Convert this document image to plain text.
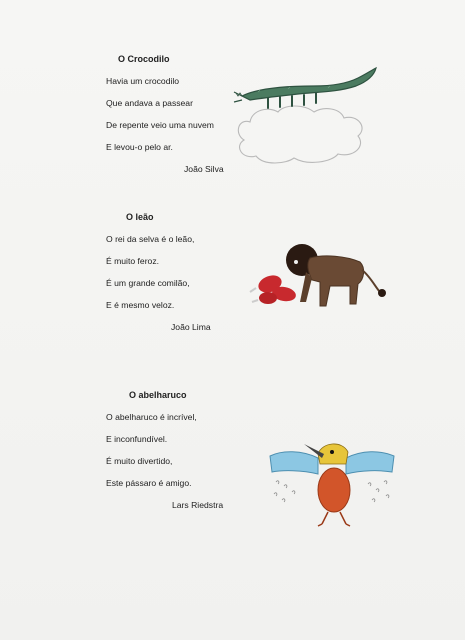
O Crocodilo
Havia um crocodilo
Que andava a passear
De repente veio uma nuvem
E levou-o pelo ar.
João Silva
O leão
O rei da selva é o leão,
É muito feroz.
É um grande comilão,
E é mesmo veloz.
João Lima
O abelharuco
O abelharuco é incrível,
E inconfundível.
É muito divertido,
Este pássaro é amigo.
Lars Riedstra
